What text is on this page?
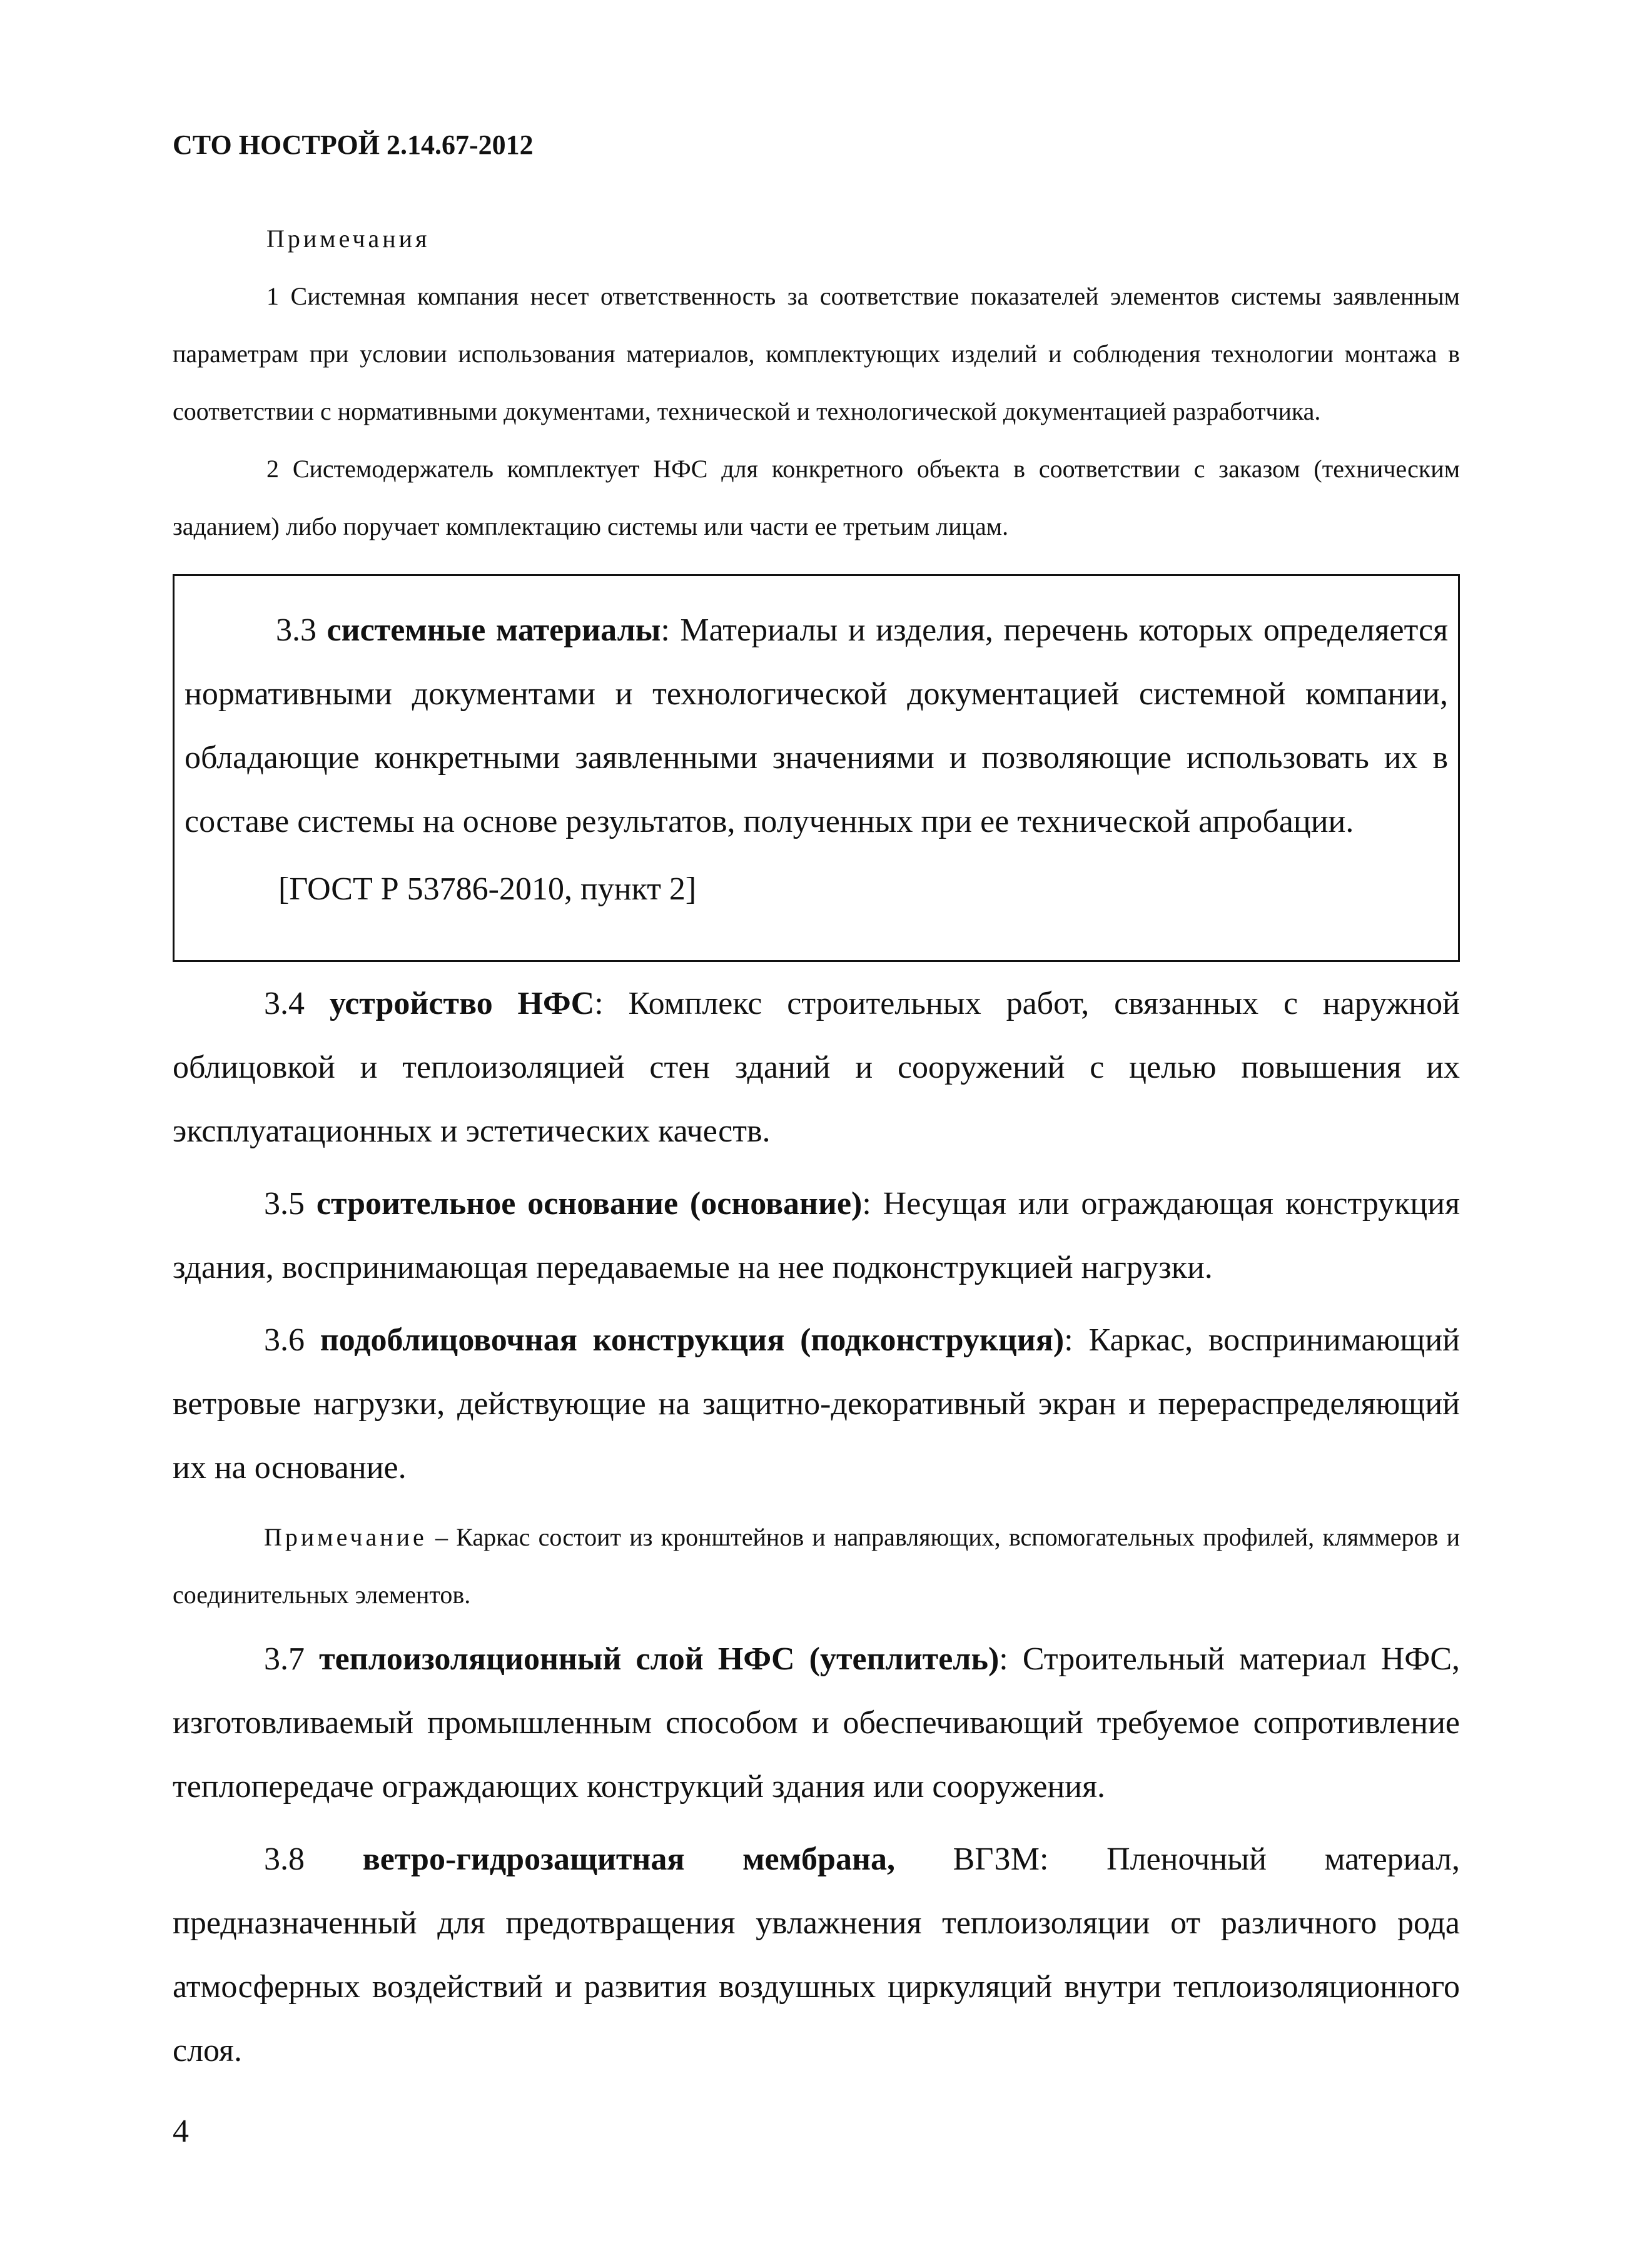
СТО НОСТРОЙ 2.14.67-2012

Примечания

1 Системная компания несет ответственность за соответствие показателей элементов системы заявленным параметрам при условии использования материалов, комплектующих изделий и соблюдения технологии монтажа в соответствии с нормативными документами, технической и технологической документацией разработчика.

2 Системодержатель комплектует НФС для конкретного объекта в соответствии с заказом (техническим заданием) либо поручает комплектацию системы или части ее третьим лицам.

3.3 системные материалы: Материалы и изделия, перечень которых определяется нормативными документами и технологической документацией системной компании, обладающие конкретными заявленными значениями и позволяющие использовать их в составе системы на основе результатов, полученных при ее технической апробации.

[ГОСТ Р 53786-2010, пункт 2]

3.4 устройство НФС: Комплекс строительных работ, связанных с наружной облицовкой и теплоизоляцией стен зданий и сооружений с целью повышения их эксплуатационных и эстетических качеств.

3.5 строительное основание (основание): Несущая или ограждающая конструкция здания, воспринимающая передаваемые на нее подконструкцией нагрузки.

3.6 подоблицовочная конструкция (подконструкция): Каркас, воспринимающий ветровые нагрузки, действующие на защитно-декоративный экран и перераспределяющий их на основание.

Примечание – Каркас состоит из кронштейнов и направляющих, вспомогательных профилей, кляммеров и соединительных элементов.

3.7 теплоизоляционный слой НФС (утеплитель): Строительный материал НФС, изготовливаемый промышленным способом и обеспечивающий требуемое сопротивление теплопередаче ограждающих конструкций здания или сооружения.

3.8 ветро-гидрозащитная мембрана, ВГЗМ: Пленочный материал, предназначенный для предотвращения увлажнения теплоизоляции от различного рода атмосферных воздействий и развития воздушных циркуляций внутри теплоизоляционного слоя.

4
